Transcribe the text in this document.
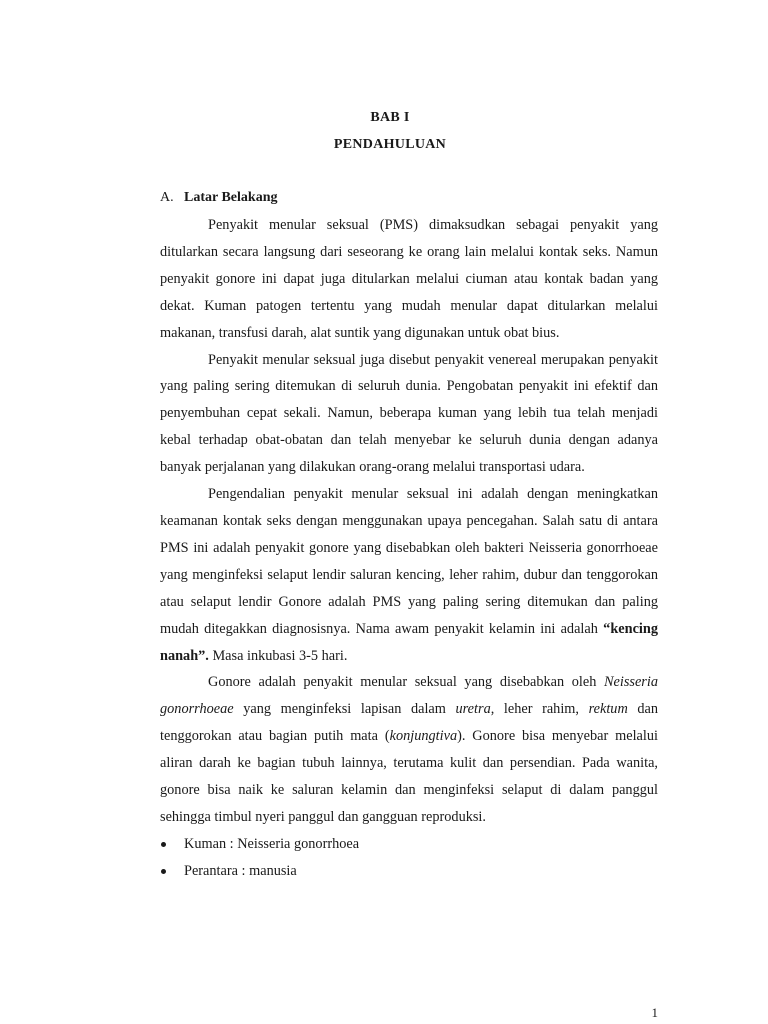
BAB I
PENDAHULUAN
A. Latar Belakang

Penyakit menular seksual (PMS) dimaksudkan sebagai penyakit yang ditularkan secara langsung dari seseorang ke orang lain melalui kontak seks. Namun penyakit gonore ini dapat juga ditularkan melalui ciuman atau kontak badan yang dekat. Kuman patogen tertentu yang mudah menular dapat ditularkan melalui makanan, transfusi darah, alat suntik yang digunakan untuk obat bius.

Penyakit menular seksual juga disebut penyakit venereal merupakan penyakit yang paling sering ditemukan di seluruh dunia. Pengobatan penyakit ini efektif dan penyembuhan cepat sekali. Namun, beberapa kuman yang lebih tua telah menjadi kebal terhadap obat-obatan dan telah menyebar ke seluruh dunia dengan adanya banyak perjalanan yang dilakukan orang-orang melalui transportasi udara.

Pengendalian penyakit menular seksual ini adalah dengan meningkatkan keamanan kontak seks dengan menggunakan upaya pencegahan. Salah satu di antara PMS ini adalah penyakit gonore yang disebabkan oleh bakteri Neisseria gonorrhoeae yang menginfeksi selaput lendir saluran kencing, leher rahim, dubur dan tenggorokan atau selaput lendir Gonore adalah PMS yang paling sering ditemukan dan paling mudah ditegakkan diagnosisnya. Nama awam penyakit kelamin ini adalah “kencing nanah”. Masa inkubasi 3-5 hari.

Gonore adalah penyakit menular seksual yang disebabkan oleh Neisseria gonorrhoeae yang menginfeksi lapisan dalam uretra, leher rahim, rektum dan tenggorokan atau bagian putih mata (konjungtiva). Gonore bisa menyebar melalui aliran darah ke bagian tubuh lainnya, terutama kulit dan persendian. Pada wanita, gonore bisa naik ke saluran kelamin dan menginfeksi selaput di dalam panggul sehingga timbul nyeri panggul dan gangguan reproduksi.

Kuman : Neisseria gonorrhoea
Perantara : manusia
1
